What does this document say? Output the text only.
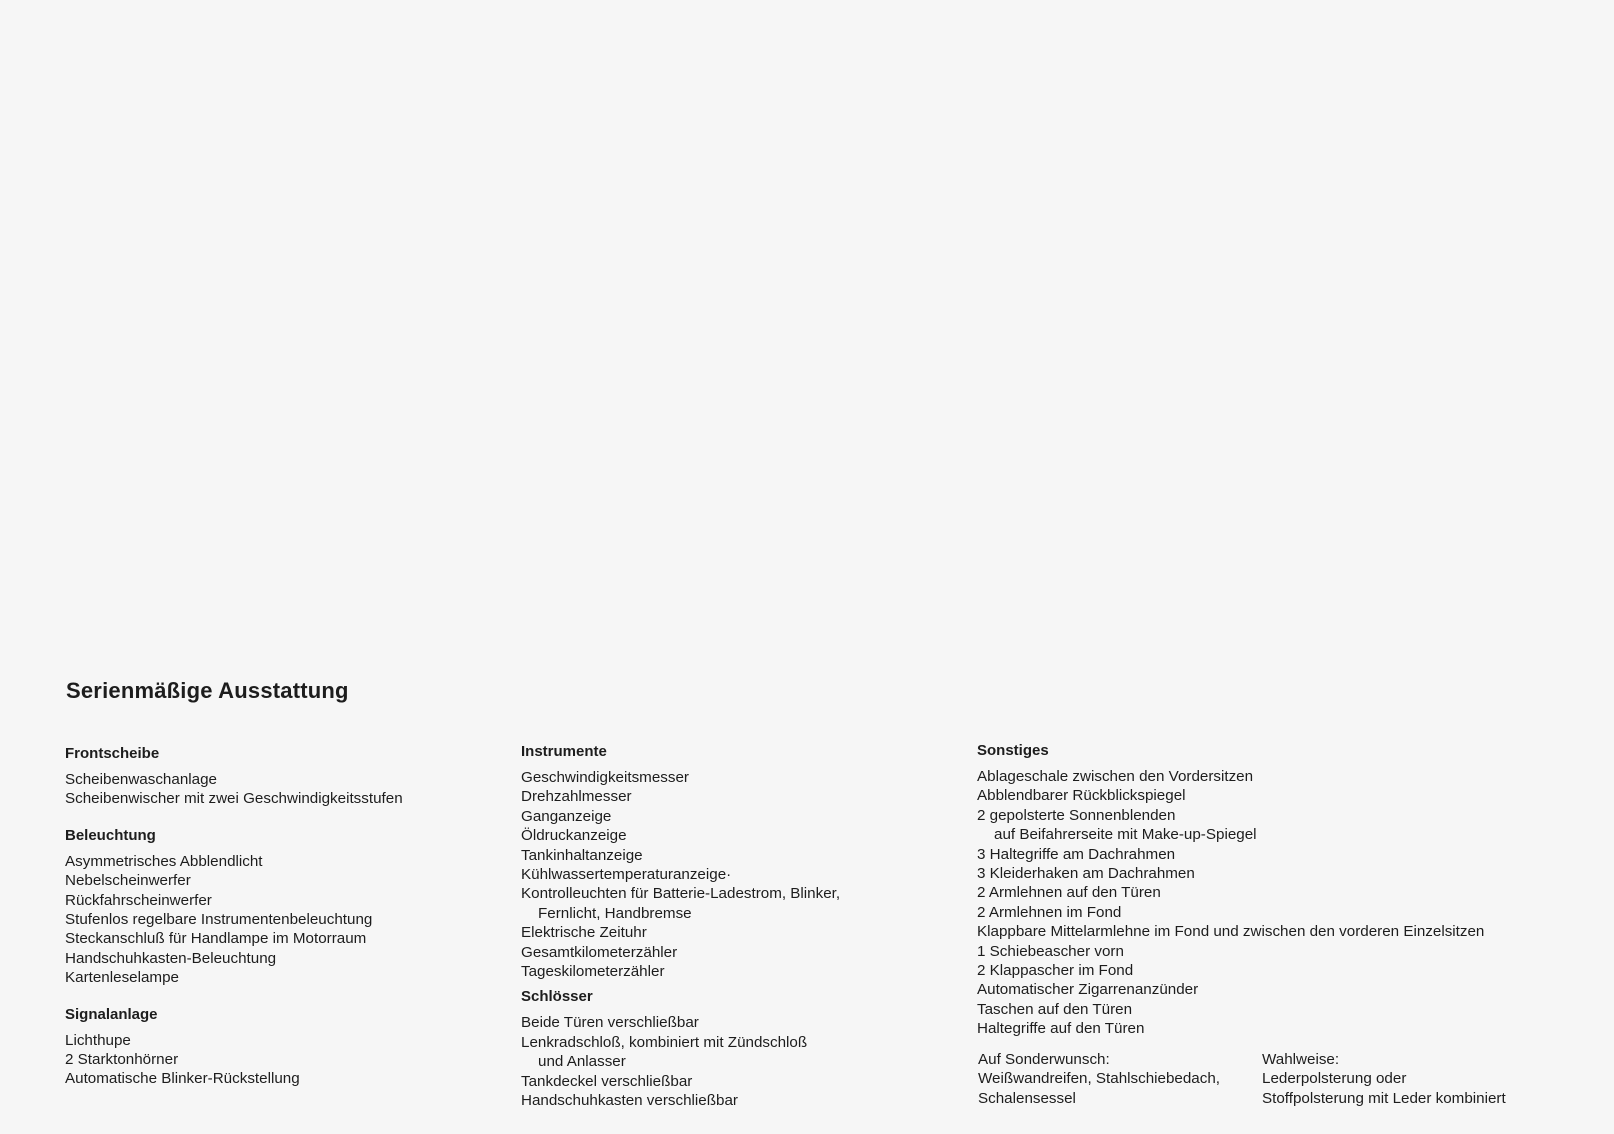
Serienmäßige Ausstattung
Frontscheibe
Scheibenwaschanlage
Scheibenwischer mit zwei Geschwindigkeitsstufen
Beleuchtung
Asymmetrisches Abblendlicht
Nebelscheinwerfer
Rückfahrscheinwerfer
Stufenlos regelbare Instrumentenbeleuchtung
Steckanschluß für Handlampe im Motorraum
Handschuhkasten-Beleuchtung
Kartenleselampe
Signalanlage
Lichthupe
2 Starktonhörner
Automatische Blinker-Rückstellung
Instrumente
Geschwindigkeitsmesser
Drehzahlmesser
Ganganzeige
Öldruckanzeige
Tankinhaltanzeige
Kühlwassertemperaturanzeige·
Kontrolleuchten für Batterie-Ladestrom, Blinker,
Fernlicht, Handbremse
Elektrische Zeituhr
Gesamtkilometerzähler
Tageskilometerzähler
Schlösser
Beide Türen verschließbar
Lenkradschloß, kombiniert mit Zündschloß
und Anlasser
Tankdeckel verschließbar
Handschuhkasten verschließbar
Sonstiges
Ablageschale zwischen den Vordersitzen
Abblendbarer Rückblickspiegel
2 gepolsterte Sonnenblenden
auf Beifahrerseite mit Make-up-Spiegel
3 Haltegriffe am Dachrahmen
3 Kleiderhaken am Dachrahmen
2 Armlehnen auf den Türen
2 Armlehnen im Fond
Klappbare Mittelarmlehne im Fond und zwischen den vorderen Einzelsitzen
1 Schiebeascher vorn
2 Klappascher im Fond
Automatischer Zigarrenanzünder
Taschen auf den Türen
Haltegriffe auf den Türen
Auf Sonderwunsch:
Weißwandreifen, Stahlschiebedach,
Schalensessel
Wahlweise:
Lederpolsterung oder
Stoffpolsterung mit Leder kombiniert
